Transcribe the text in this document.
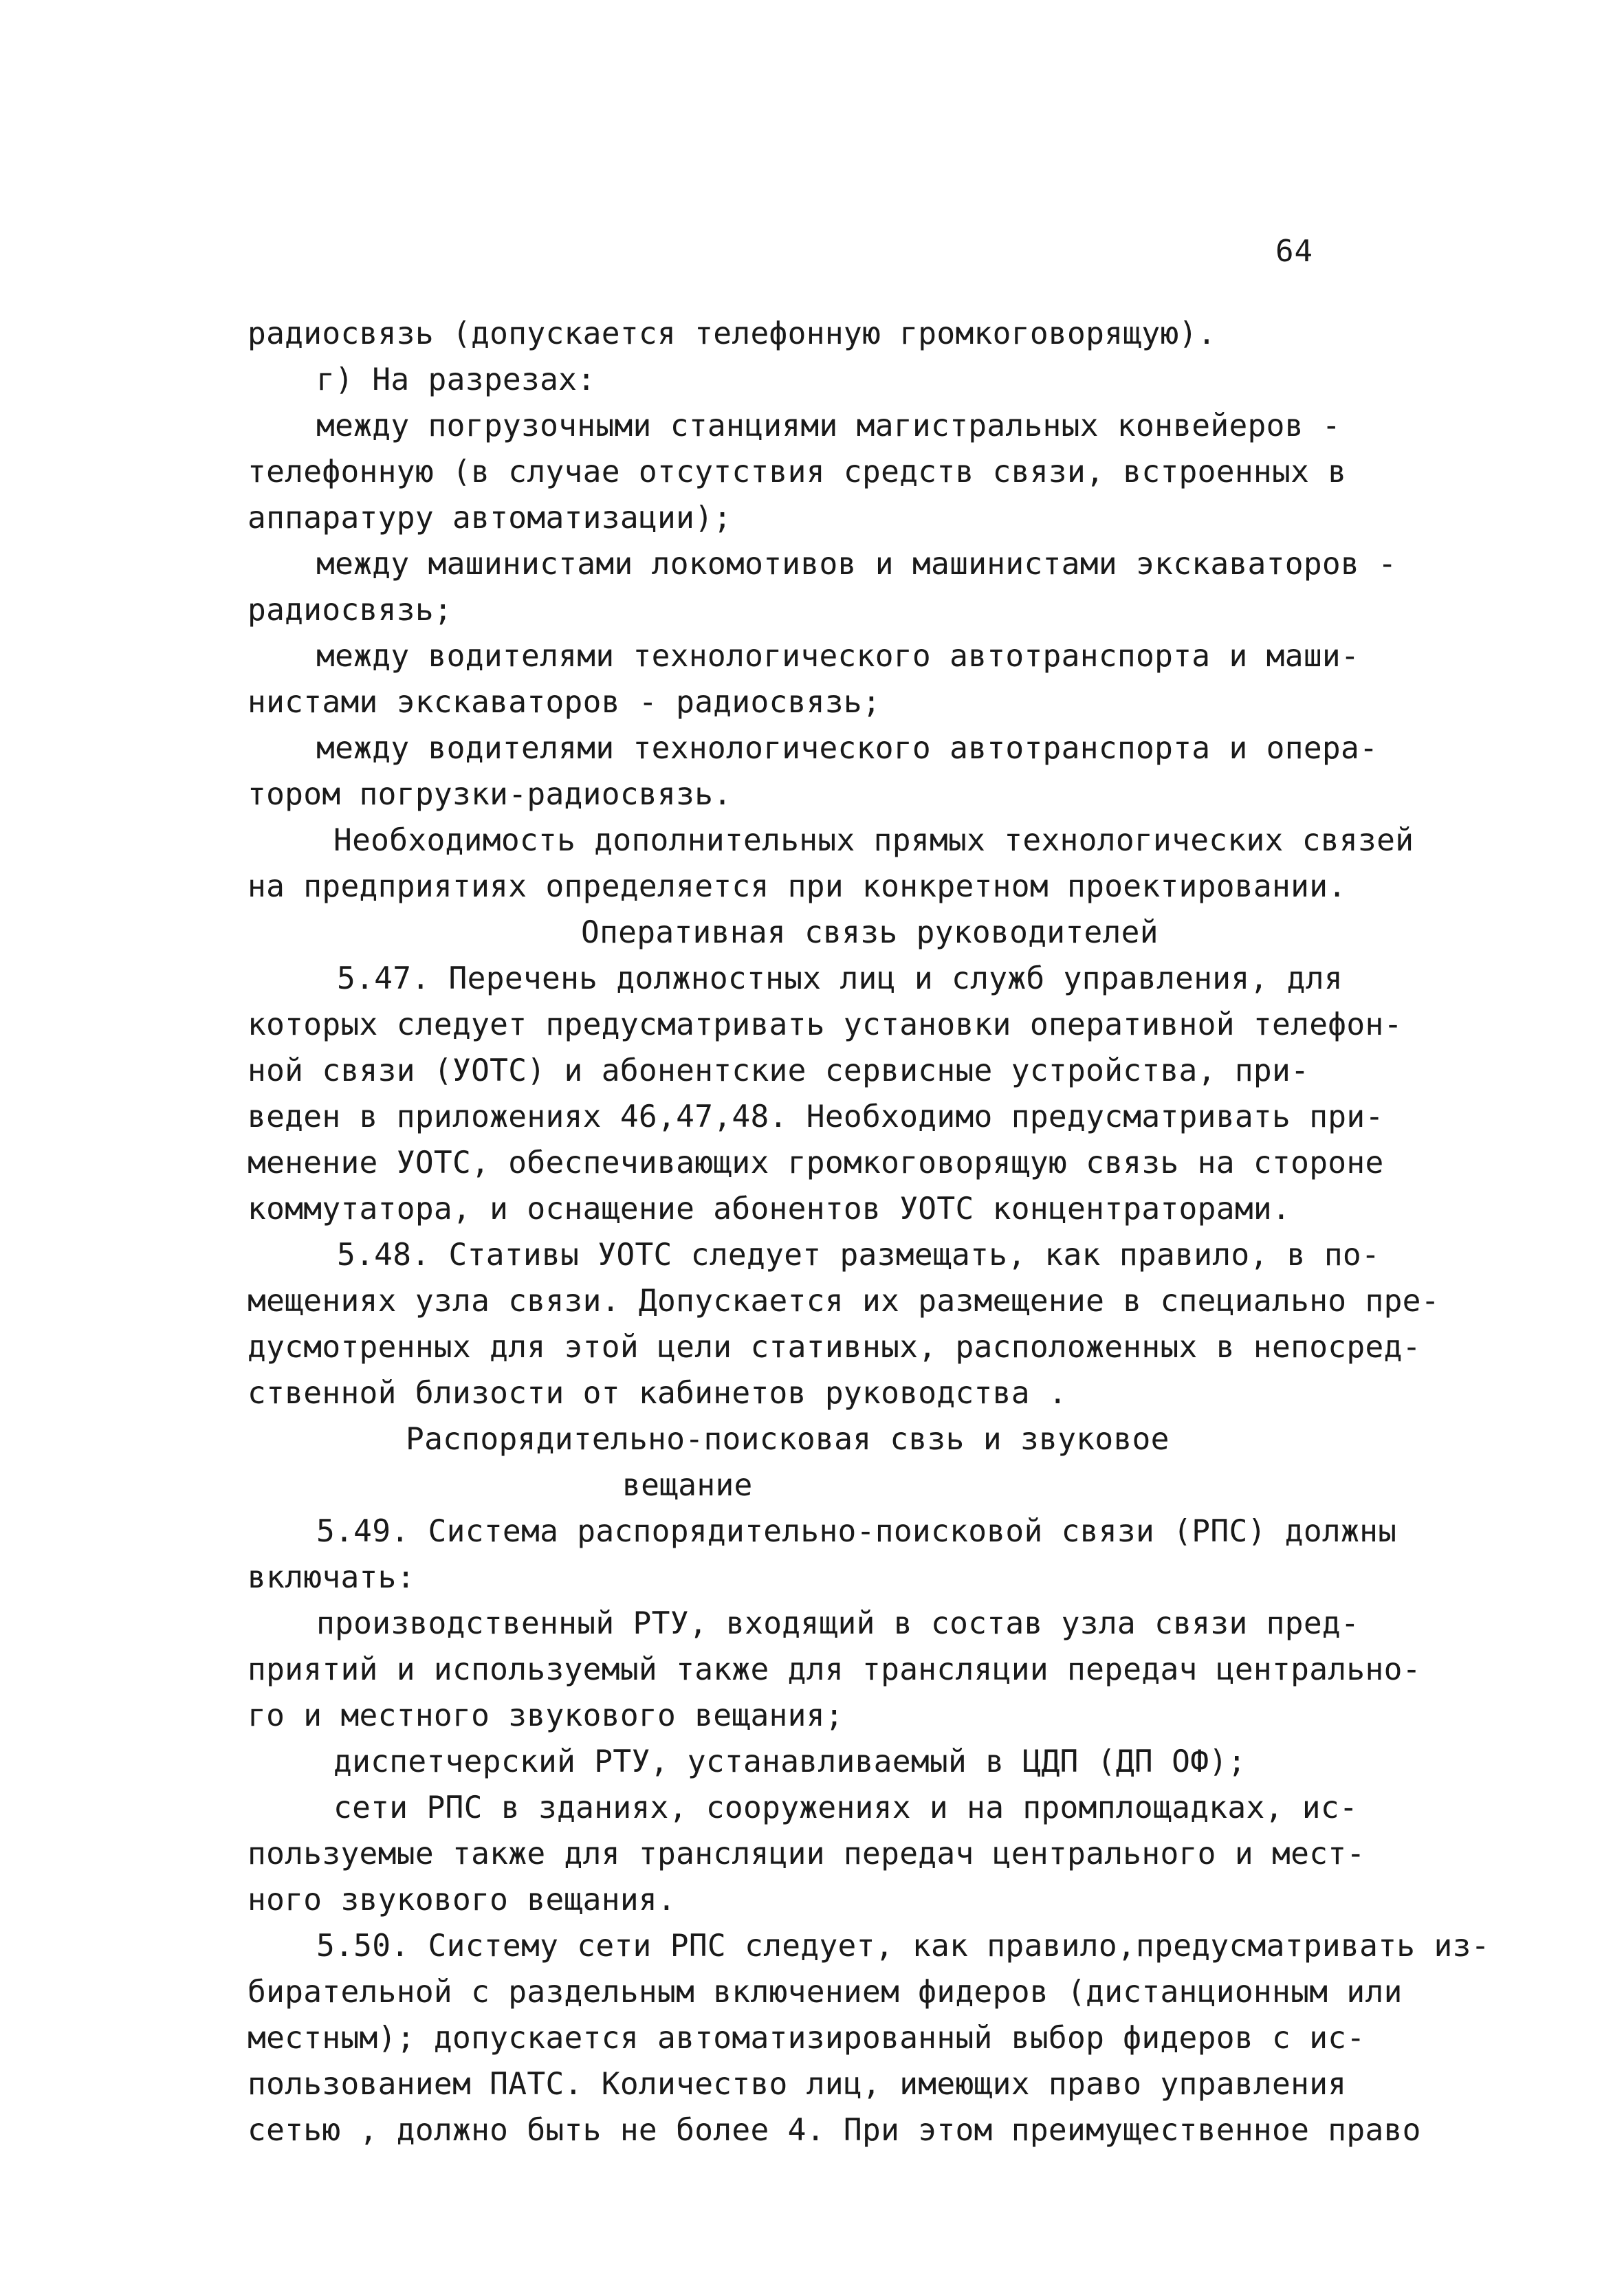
64
радиосвязь (допускается телефонную громкоговорящую).
г) На разрезах:
между погрузочными станциями магистральных конвейеров -
телефонную (в случае отсутствия средств связи, встроенных в
аппаратуру автоматизации);
между машинистами локомотивов и машинистами экскаваторов -
радиосвязь;
между водителями технологического автотранспорта и маши-
нистами экскаваторов - радиосвязь;
между водителями технологического автотранспорта и опера-
тором погрузки-радиосвязь.
Необходимость дополнительных прямых технологических связей
на предприятиях определяется при конкретном проектировании.
Оперативная связь руководителей
5.47. Перечень должностных лиц и служб управления, для
которых следует предусматривать установки оперативной телефон-
ной связи (УОТС) и абонентские сервисные устройства, при-
веден в приложениях 46,47,48. Необходимо предусматривать при-
менение УОТС, обеспечивающих громкоговорящую связь на стороне
коммутатора, и оснащение абонентов УОТС концентраторами.
5.48. Стативы УОТС следует размещать, как правило, в по-
мещениях узла связи. Допускается их размещение в специально пре-
дусмотренных для этой цели стативных, расположенных в непосред-
ственной близости от кабинетов руководства .
Распорядительно-поисковая свзь и звуковое
вещание
5.49. Система распорядительно-поисковой связи (РПС) должны
включать:
производственный РТУ, входящий в состав узла связи пред-
приятий и используемый также для трансляции передач центрально-
го и местного звукового вещания;
диспетчерский РТУ, устанавливаемый в ЦДП (ДП ОФ);
сети РПС в зданиях, сооружениях и на промплощадках, ис-
пользуемые также для трансляции передач центрального и мест-
ного звукового вещания.
5.50. Систему сети РПС следует, как правило,предусматривать из-
бирательной с раздельным включением фидеров (дистанционным или
местным); допускается автоматизированный выбор фидеров с ис-
пользованием ПАТС. Количество лиц, имеющих право управления
сетью , должно быть не более 4. При этом преимущественное право
